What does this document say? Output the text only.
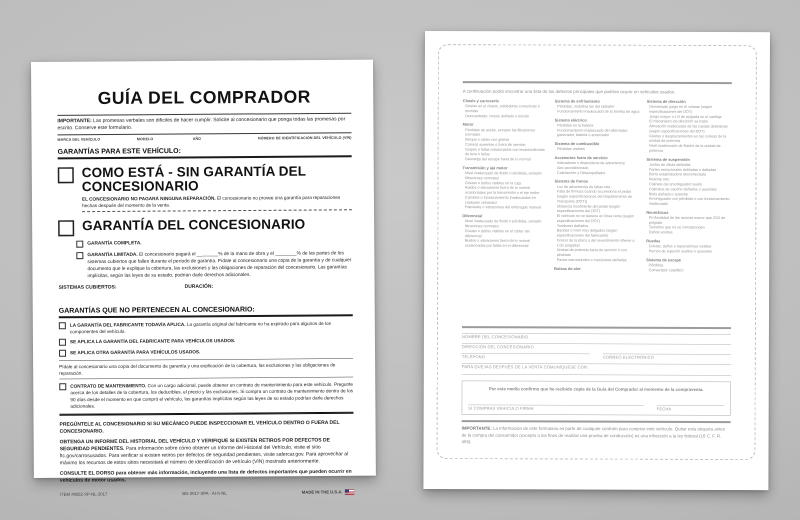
GUÍA DEL COMPRADOR

IMPORTANTE: Las promesas verbales son difíciles de hacer cumplir. Solicite al concesionario que ponga todas las promesas por escrito. Conserve este formulario.

MARCA DEL VEHÍCULO	MODELO	AÑO	NÚMERO DE IDENTIFICACIÓN DEL VEHÍCULO (VIN)
GARANTÍAS PARA ESTE VEHÍCULO:
COMO ESTÁ - SIN GARANTÍA DEL CONCESIONARIO

EL CONCESIONARIO NO PAGARÁ NINGUNA REPARACIÓN. El concesionario no provee una garantía para reparaciones hechas después del momento de la venta.

GARANTÍA DEL CONCESIONARIO

GARANTÍA COMPLETA.

GARANTÍA LIMITADA. El concesionario pagará el ________% de la mano de obra y el ________% de las partes de los sistemas cubiertos que fallen durante el período de garantía. Pídale al concesionario una copia de la garantía y de cualquier documento que le explique la cobertura, las exclusiones y las obligaciones de reparación del concesionario. Las garantías implícitas, según las leyes de su estado, podrían darle derechos adicionales.

SISTEMAS CUBIERTOS:	DURACIÓN:
GARANTÍAS QUE NO PERTENECEN AL CONCESIONARIO:

LA GARANTÍA DEL FABRICANTE TODAVÍA APLICA. La garantía original del fabricante no ha expirado para algunos de los componentes del vehículo.

SE APLICA LA GARANTÍA DEL FABRICANTE PARA VEHÍCULOS USADOS.

SE APLICA OTRA GARANTÍA PARA VEHÍCULOS USADOS.

Pídale al concesionario una copia del documento de garantía y una explicación de la cobertura, las exclusiones y las obligaciones de reparación.

CONTRATO DE MANTENIMIENTO. Con un cargo adicional, puede obtener un contrato de mantenimiento para este vehículo. Pregunte acerca de los detalles de la cobertura, los deducibles, el precio y las exclusiones. Si compra un contrato de mantenimiento dentro de los 90 días desde el momento en que compró el vehículo, las garantías implícitas según las leyes de su estado podrían darle derechos adicionales.

PREGÚNTELE AL CONCESIONARIO SI SU MECÁNICO PUEDE INSPECCIONAR EL VEHÍCULO DENTRO O FUERA DEL CONCESIONARIO.

OBTENGA UN INFORME DEL HISTORIAL DEL VEHÍCULO Y VERIFIQUE SI EXISTEN RETIROS POR DEFECTOS DE SEGURIDAD PENDIENTES. Para información sobre cómo obtener un Informe del Historial del Vehículo, visite el sitio ftc.gov/carrosusados. Para verificar si existen retiros por defectos de seguridad pendientes, visite safercar.gov. Para aprovechar al máximo los recursos de estos sitios necesitará el número de identificación de vehículo (VIN) mostrado anteriormente.

CONSULTE EL DORSO para obtener más información, incluyendo una lista de defectos importantes que pueden ocurrir en vehículos de motor usados.

ITEM #9252-SP-NL-2017	BG-2017-XPA - AI-S-NL	MADE IN THE U.S.A.
A continuación podrá encontrar una lista de los defectos principales que podrían ocurrir en vehículos usados.
Chasis y carrocería
Grietas en el chasis, soldaduras correctivas o torcidas
Descuadrado: chasis doblado o torcido
Motor
Pérdidas de aceite, excepto las filtraciones normales
Bloque o cárter con grietas
Correas ausentes o fuera de servicio
Golpes o fallas relacionados con levantaválvulas de leva o fallas
Descarga del escape fuera de lo normal
Transmisión y eje motor
Nivel inadecuado de fluido o pérdidas, excepto filtraciones normales
Grietas o daños visibles en la caja
Ruidos o vibraciones fuera de lo normal ocasionados por la transmisión o el eje motor
Cambios o funcionamiento inadecuados en cualquier velocidad
Patinadas o vibraciones del embrague manual
Diferencial
Nivel inadecuado de fluido o pérdidas, excepto filtraciones normales
Grietas o daños visibles en el cárter del diferencial
Ruidos o vibraciones fuera de lo normal ocasionados por fallas en el diferencial
Sistema de enfriamiento
Pérdidas, incluidas las del radiador
Funcionamiento inadecuado de la bomba de agua
Sistema eléctrico
Pérdidas en la batería
Funcionamiento inadecuado del alternador, generador, batería o arrancador
Sistema de combustible
Pérdidas visibles
Accesorios fuera de servicio
Indicadores o dispositivos de advertencia
Aire acondicionado
Calefacción y Desempañador
Sistema de frenos
Luz de advertencia de fallas rota
Falta de firmeza cuando se presiona el pedal (según especificaciones del Departamento de Transporte (DOT))
Distancia insuficiente del pedal (según especificaciones del DOT)
El vehículo no se detiene en línea recta (según especificaciones del DOT)
Tambores dañados
Bandas o rotor muy delgados (según especificaciones del fabricante)
Grosor de la placa o del revestimiento inferior a 1/32 pulgadas
Unidad de potencia fuera de servicio o con pérdidas
Partes estructurales o mecánicas dañadas
Bolsas de aire
Sistema de dirección
Demasiado juego en el volante (según especificaciones del DOT)
Juego mayor a 1/4 de pulgada en el varillaje
El mecanismo de dirección se traba
Alineación inadecuada de las ruedas delanteras (según especificaciones del DOT)
Grietas o desplazamientos en las correas de la unidad de potencia
Nivel inadecuado de fluidos de la unidad de potencia
Sistema de suspensión
Juntas de rótula dañadas
Partes estructurales dobladas o dañadas
Barra estabilizadora desconectada
Resorte roto
Cojinete del amortiguador suelto
Cojinetes de caucho dañados o ausentes
Biela dañada o ausente
Amortiguador con pérdidas o con funcionamiento inadecuado
Neumáticos
Profundidad de las ranuras menor que 2/32 de pulgada
Tamaños que no se corresponden
Daños visibles
Ruedas
Grietas, daños o reparaciones visibles
Pernos de sujeción sueltos o ausentes
Sistema de escape
Pérdidas
Convertidor catalítico
NOMBRE DEL CONCESIONARIO
DIRECCIÓN DEL CONCESIONARIO
TELÉFONO	CORREO ELECTRÓNICO
PARA QUEJAS DESPUÉS DE LA VENTA COMUNÍQUESE CON:
Por este medio confirmo que he recibido copia de la Guía del Comprador al momento de la compraventa.
SI COMPRAS VEHICULO FIRMA	FECHA

IMPORTANTE: La información de este formulario es parte de cualquier contrato para comprar este vehículo. Quitar esta etiqueta antes de la compra del consumidor (excepto a los fines de realizar una prueba de conducción) es una infracción a la ley federal (16 C. F. R. 455).
